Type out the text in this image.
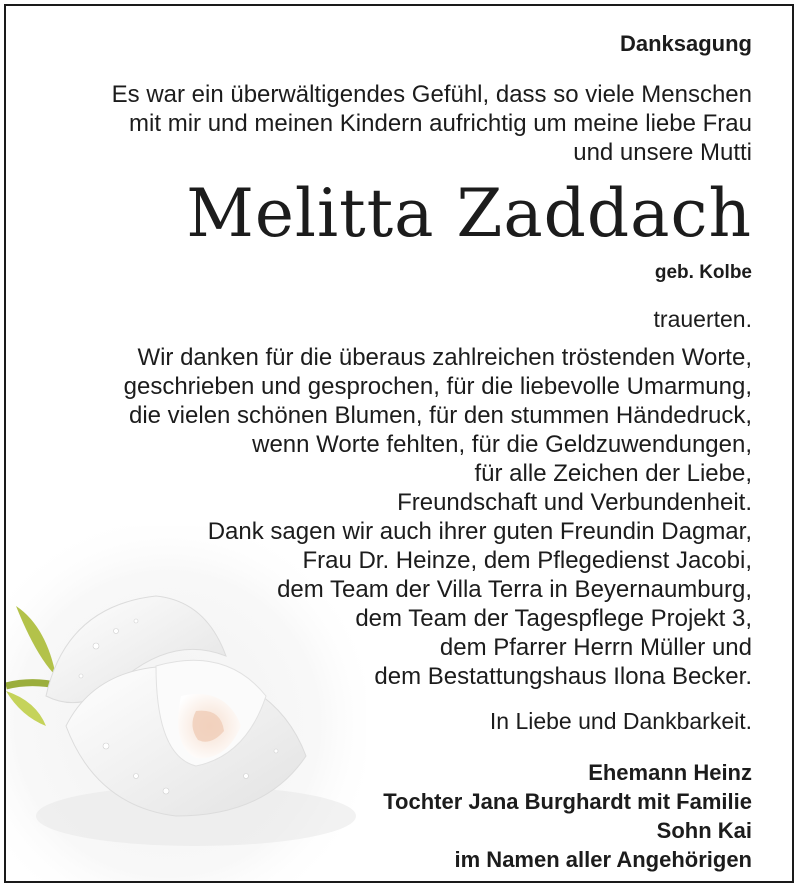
Danksagung
Es war ein überwältigendes Gefühl, dass so viele Menschen
mit mir und meinen Kindern aufrichtig um meine liebe Frau
und unsere Mutti
Melitta Zaddach
geb. Kolbe
trauerten.
Wir danken für die überaus zahlreichen tröstenden Worte,
geschrieben und gesprochen, für die liebevolle Umarmung,
die vielen schönen Blumen, für den stummen Händedruck,
wenn Worte fehlten, für die Geldzuwendungen,
für alle Zeichen der Liebe,
Freundschaft und Verbundenheit.
Dank sagen wir auch ihrer guten Freundin Dagmar,
Frau Dr. Heinze, dem Pflegedienst Jacobi,
dem Team der Villa Terra in Beyernaumburg,
dem Team der Tagespflege Projekt 3,
dem Pfarrer Herrn Müller und
dem Bestattungshaus Ilona Becker.
In Liebe und Dankbarkeit.
Ehemann Heinz
Tochter Jana Burghardt mit Familie
Sohn Kai
im Namen aller Angehörigen
